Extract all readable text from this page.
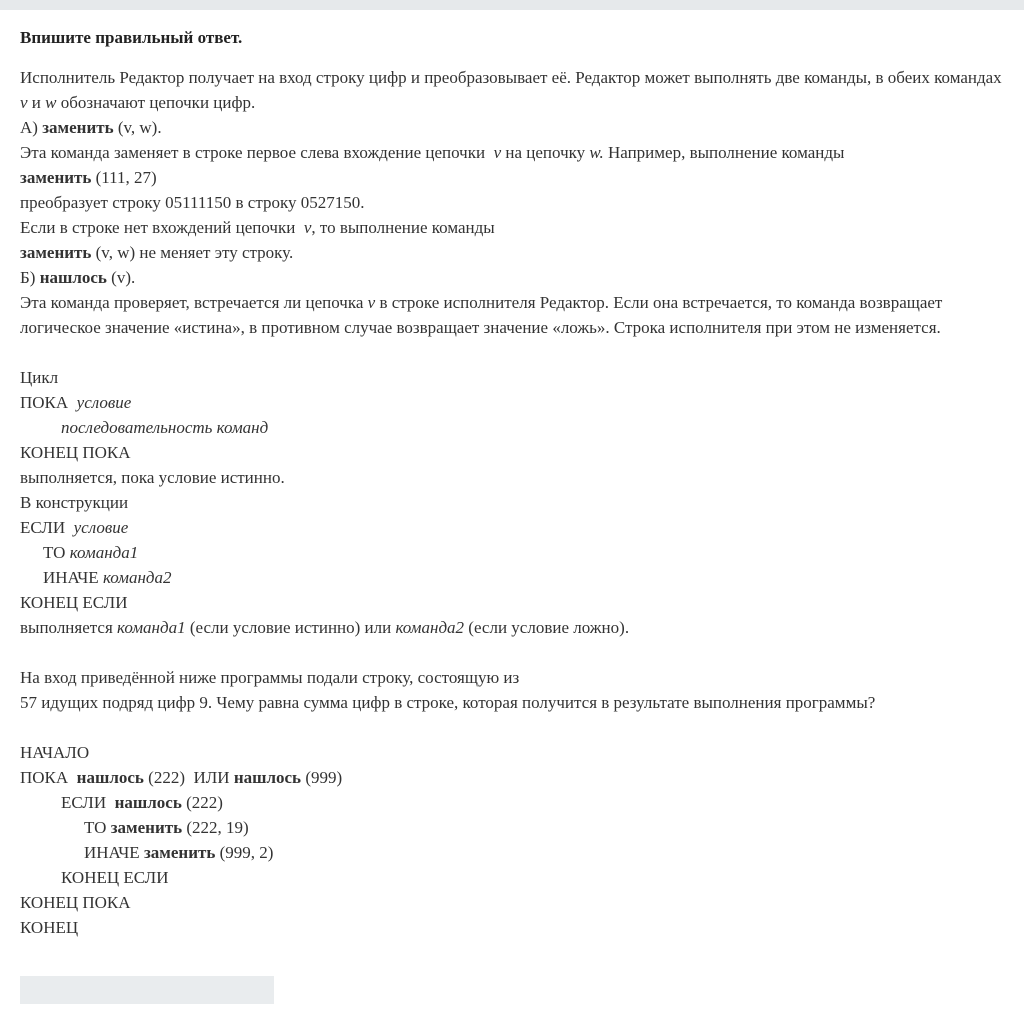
Впишите правильный ответ.
Исполнитель Редактор получает на вход строку цифр и преобразовывает её. Редактор может выполнять две команды, в обеих командах v и w обозначают цепочки цифр.
А) заменить (v, w).
Эта команда заменяет в строке первое слева вхождение цепочки v на цепочку w. Например, выполнение команды
заменить (111, 27)
преобразует строку 05111150 в строку 0527150.
Если в строке нет вхождений цепочки v, то выполнение команды
заменить (v, w) не меняет эту строку.
Б) нашлось (v).
Эта команда проверяет, встречается ли цепочка v в строке исполнителя Редактор. Если она встречается, то команда возвращает логическое значение «истина», в противном случае возвращает значение «ложь». Строка исполнителя при этом не изменяется.
Цикл
ПОКА условие
последовательность команд
КОНЕЦ ПОКА
выполняется, пока условие истинно.
В конструкции
ЕСЛИ условие
ТО команда1
ИНАЧЕ команда2
КОНЕЦ ЕСЛИ
выполняется команда1 (если условие истинно) или команда2 (если условие ложно).
На вход приведённой ниже программы подали строку, состоящую из
57 идущих подряд цифр 9. Чему равна сумма цифр в строке, которая получится в результате выполнения программы?
НАЧАЛО
ПОКА нашлось (222) ИЛИ нашлось (999)
ЕСЛИ нашлось (222)
ТО заменить (222, 19)
ИНАЧЕ заменить (999, 2)
КОНЕЦ ЕСЛИ
КОНЕЦ ПОКА
КОНЕЦ
